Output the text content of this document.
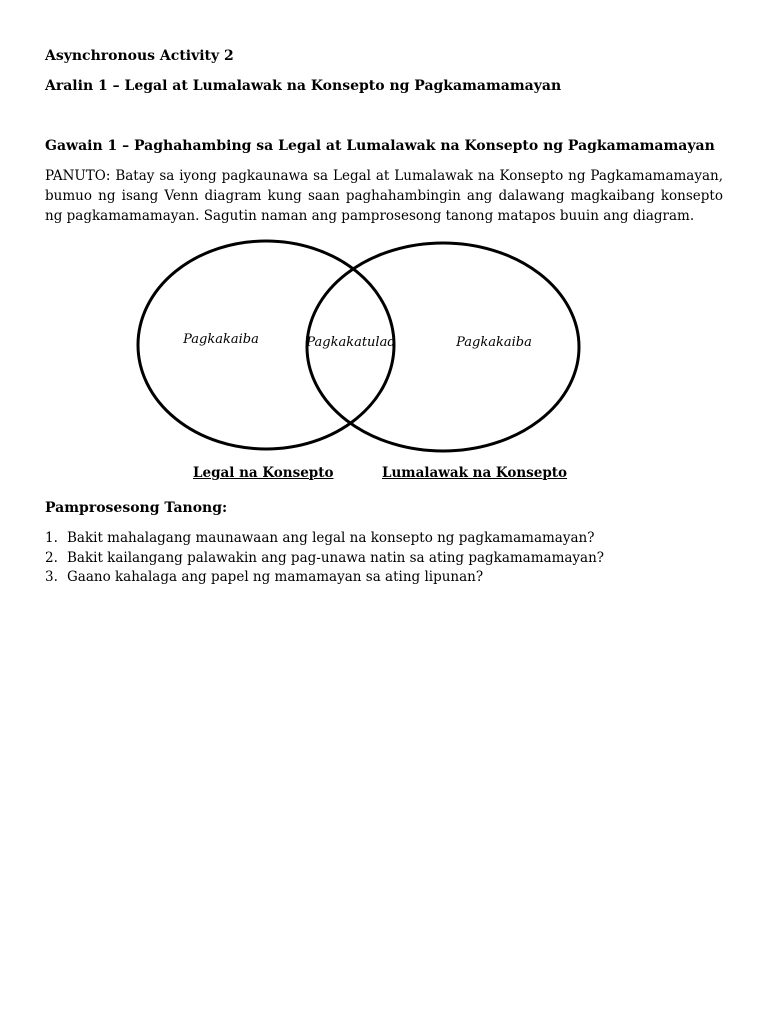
Asynchronous Activity 2
Aralin 1 – Legal at Lumalawak na Konsepto ng Pagkamamamayan
Gawain 1 – Paghahambing sa Legal at Lumalawak na Konsepto ng Pagkamamamayan
PANUTO: Batay sa iyong pagkaunawa sa Legal at Lumalawak na Konsepto ng Pagkamamamayan, bumuo ng isang Venn diagram kung saan paghahambingin ang dalawang magkaibang konsepto ng pagkamamamayan. Sagutin naman ang pamprosesong tanong matapos buuin ang diagram.
Pagkakaiba	Pagkakatulad	Pagkakaiba
Legal na Konsepto	Lumalawak na Konsepto
Pamprosesong Tanong:
1. Bakit mahalagang maunawaan ang legal na konsepto ng pagkamamamayan?
2. Bakit kailangang palawakin ang pag-unawa natin sa ating pagkamamamayan?
3. Gaano kahalaga ang papel ng mamamayan sa ating lipunan?
